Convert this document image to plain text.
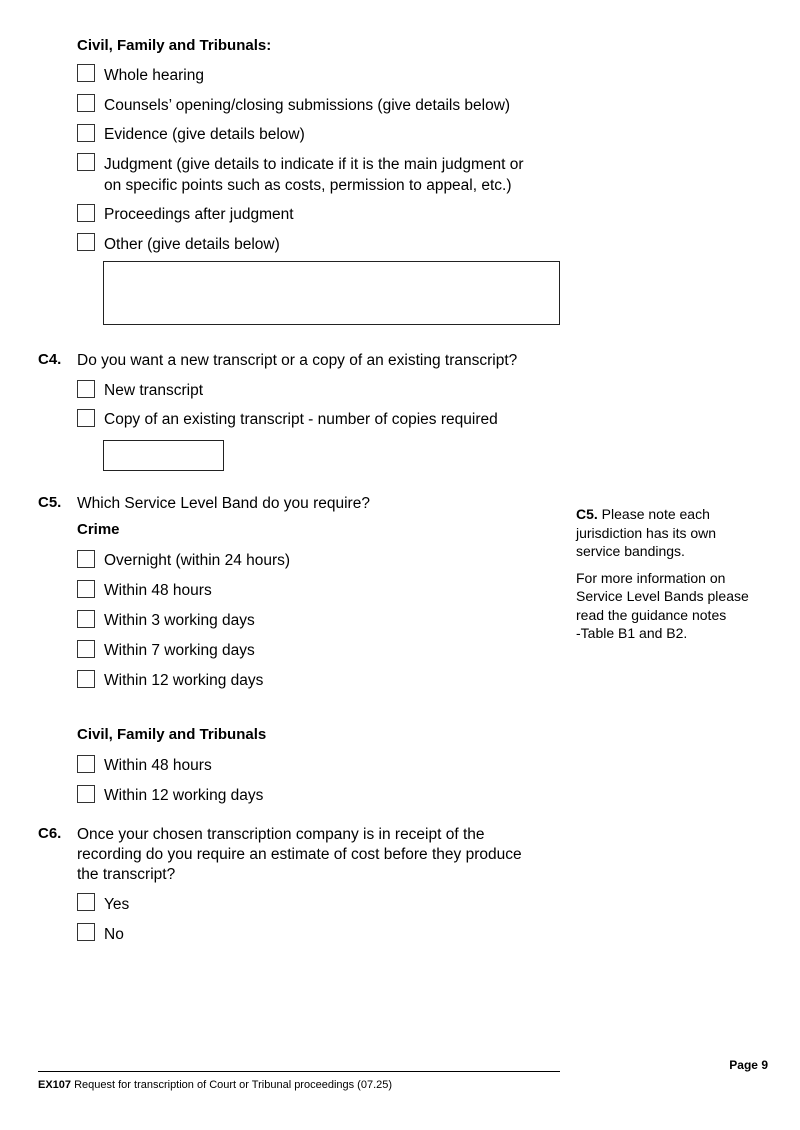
Civil, Family and Tribunals:
Whole hearing
Counsels’ opening/closing submissions (give details below)
Evidence (give details below)
Judgment (give details to indicate if it is the main judgment or
on specific points such as costs, permission to appeal, etc.)
Proceedings after judgment
Other (give details below)
C4. Do you want a new transcript or a copy of an existing transcript?
New transcript
Copy of an existing transcript - number of copies required
C5. Which Service Level Band do you require?
Crime
Overnight (within 24 hours)
Within 48 hours
Within 3 working days
Within 7 working days
Within 12 working days
Civil, Family and Tribunals
Within 48 hours
Within 12 working days

C5. Please note each
jurisdiction has its own
service bandings.

For more information on
Service Level Bands please
read the guidance notes
-Table B1 and B2.

C6. Once your chosen transcription company is in receipt of the
recording do you require an estimate of cost before they produce
the transcript?
Yes
No
Page 9
EX107 Request for transcription of Court or Tribunal proceedings (07.25)
